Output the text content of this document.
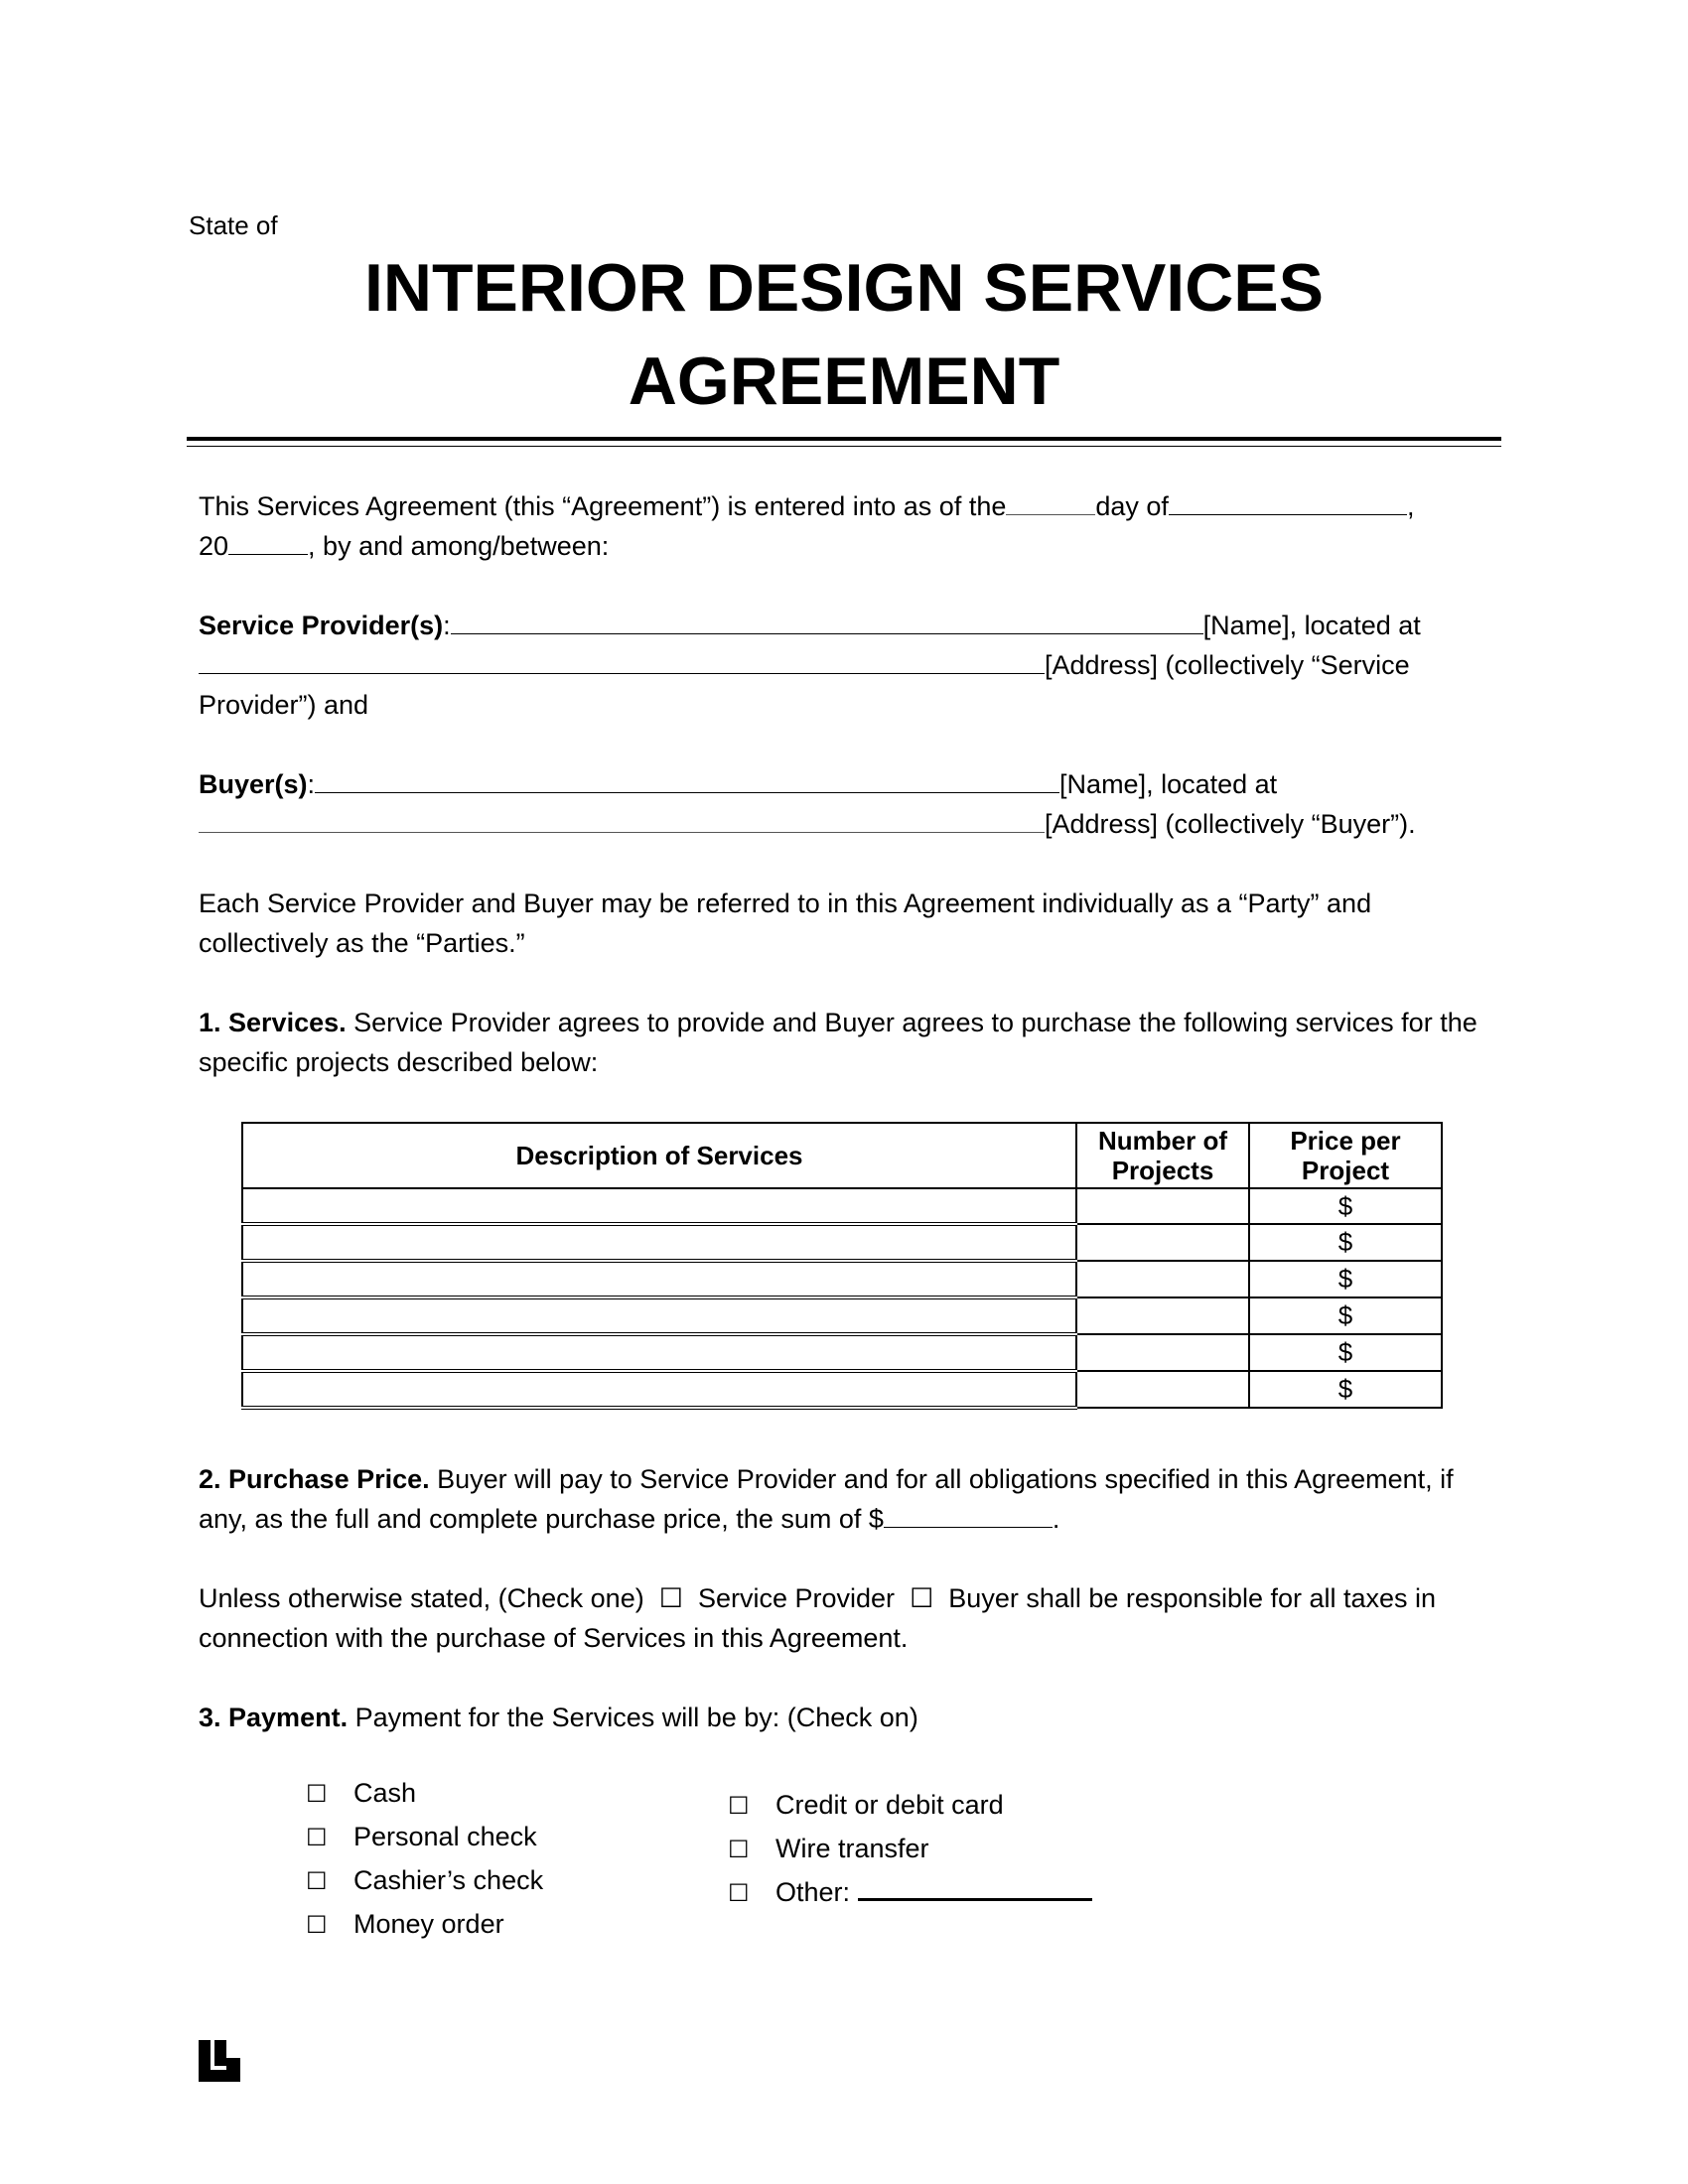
State of
INTERIOR DESIGN SERVICES
AGREEMENT
This Services Agreement (this “Agreement”) is entered into as of the	day of	,
20	, by and among/between:
Service Provider(s):	[Name], located at
[Address] (collectively “Service
Provider”) and
Buyer(s):	[Name], located at
[Address] (collectively “Buyer”).
Each Service Provider and Buyer may be referred to in this Agreement individually as a “Party” and collectively as the “Parties.”
1. Services. Service Provider agrees to provide and Buyer agrees to purchase the following services for the specific projects described below:
Description of Services	Number of Projects	Price per Project
		$
		$
		$
		$
		$
		$
2. Purchase Price. Buyer will pay to Service Provider and for all obligations specified in this Agreement, if any, as the full and complete purchase price, the sum of $	.
Unless otherwise stated, (Check one) ☐ Service Provider ☐ Buyer shall be responsible for all taxes in connection with the purchase of Services in this Agreement.
3. Payment. Payment for the Services will be by: (Check on)
☐ Cash
☐ Personal check
☐ Cashier’s check
☐ Money order
☐ Credit or debit card
☐ Wire transfer
☐ Other:
